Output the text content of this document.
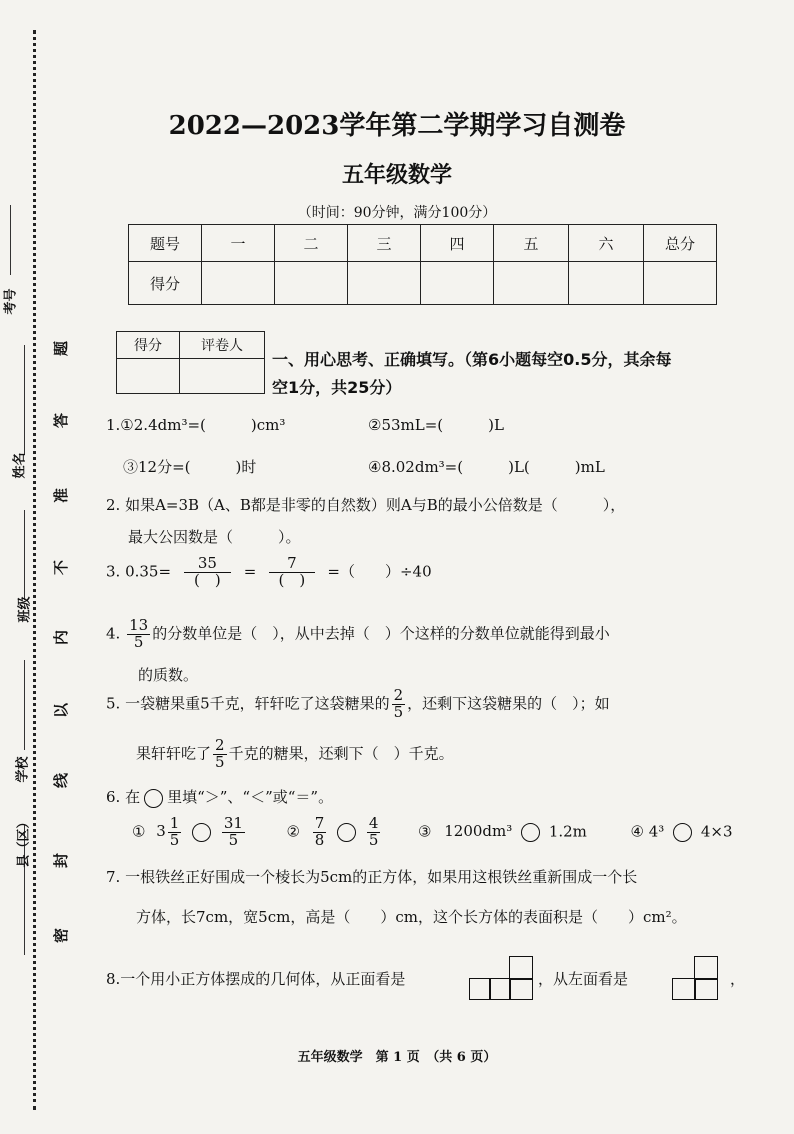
考号
姓名
班级
学校
县（区）
密
封
线
以
内
不
准
答
题
2022—2023学年第二学期学习自测卷
五年级数学
（时间：90分钟，满分100分）
题号	一	二	三	四	五	六	总分
得分							
得分	评卷人

一、用心思考、正确填写。（第6小题每空0.5分，其余每
空1分，共25分）
1.①2.4dm³=(　　　)cm³	②53mL=(　　　)L
③12分=(　　　)时	④8.02dm³=(　　　)L(　　　)mL
2. 如果A=3B（A、B都是非零的自然数）则A与B的最小公倍数是（　　　），
最大公因数是（　　　）。
3. $0.35= \frac{35}{( )} = \frac{7}{( )}$ =（　　）÷40
4. $\frac{13}{5}$ 的分数单位是（　），从中去掉（　）个这样的分数单位就能得到最小
的质数。
5. 一袋糖果重5千克，轩轩吃了这袋糖果的 $\frac{2}{5}$ ，还剩下这袋糖果的（　）；如
果轩轩吃了 $\frac{2}{5}$ 千克的糖果，还剩下（　）千克。
6. 在 里填“＞”、“＜”或“＝”。
① $3 \frac{1}{5}$
	$\frac{31}{5}$	② $\frac{7}{8}$
	$\frac{4}{5}$	③ 1200dm³ 1.2m	④ 4³ 4×3
7. 一根铁丝正好围成一个棱长为5cm的正方体，如果用这根铁丝重新围成一个长
方体，长7cm，宽5cm，高是（　　）cm，这个长方体的表面积是（　　）cm²。
8.一个用小正方体摆成的几何体，从正面看是	，从左面看是	，
五年级数学　第 1 页　（共 6 页）
